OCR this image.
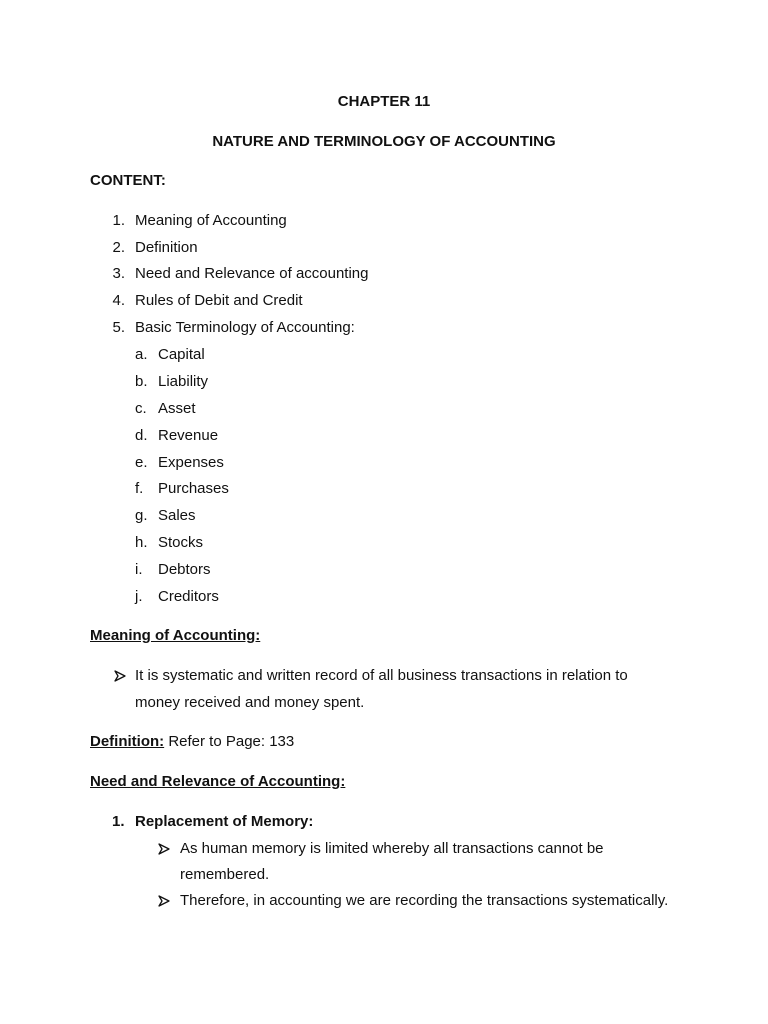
CHAPTER 11
NATURE AND TERMINOLOGY OF ACCOUNTING
CONTENT:
1. Meaning of Accounting
2. Definition
3. Need and Relevance of accounting
4. Rules of Debit and Credit
5. Basic Terminology of Accounting:
a. Capital
b. Liability
c. Asset
d. Revenue
e. Expenses
f. Purchases
g. Sales
h. Stocks
i. Debtors
j. Creditors
Meaning of Accounting:
It is systematic and written record of all business transactions in relation to
money received and money spent.
Definition: Refer to Page: 133
Need and Relevance of Accounting:
1. Replacement of Memory:
As human memory is limited whereby all transactions cannot be
remembered.
Therefore, in accounting we are recording the transactions systematically.
